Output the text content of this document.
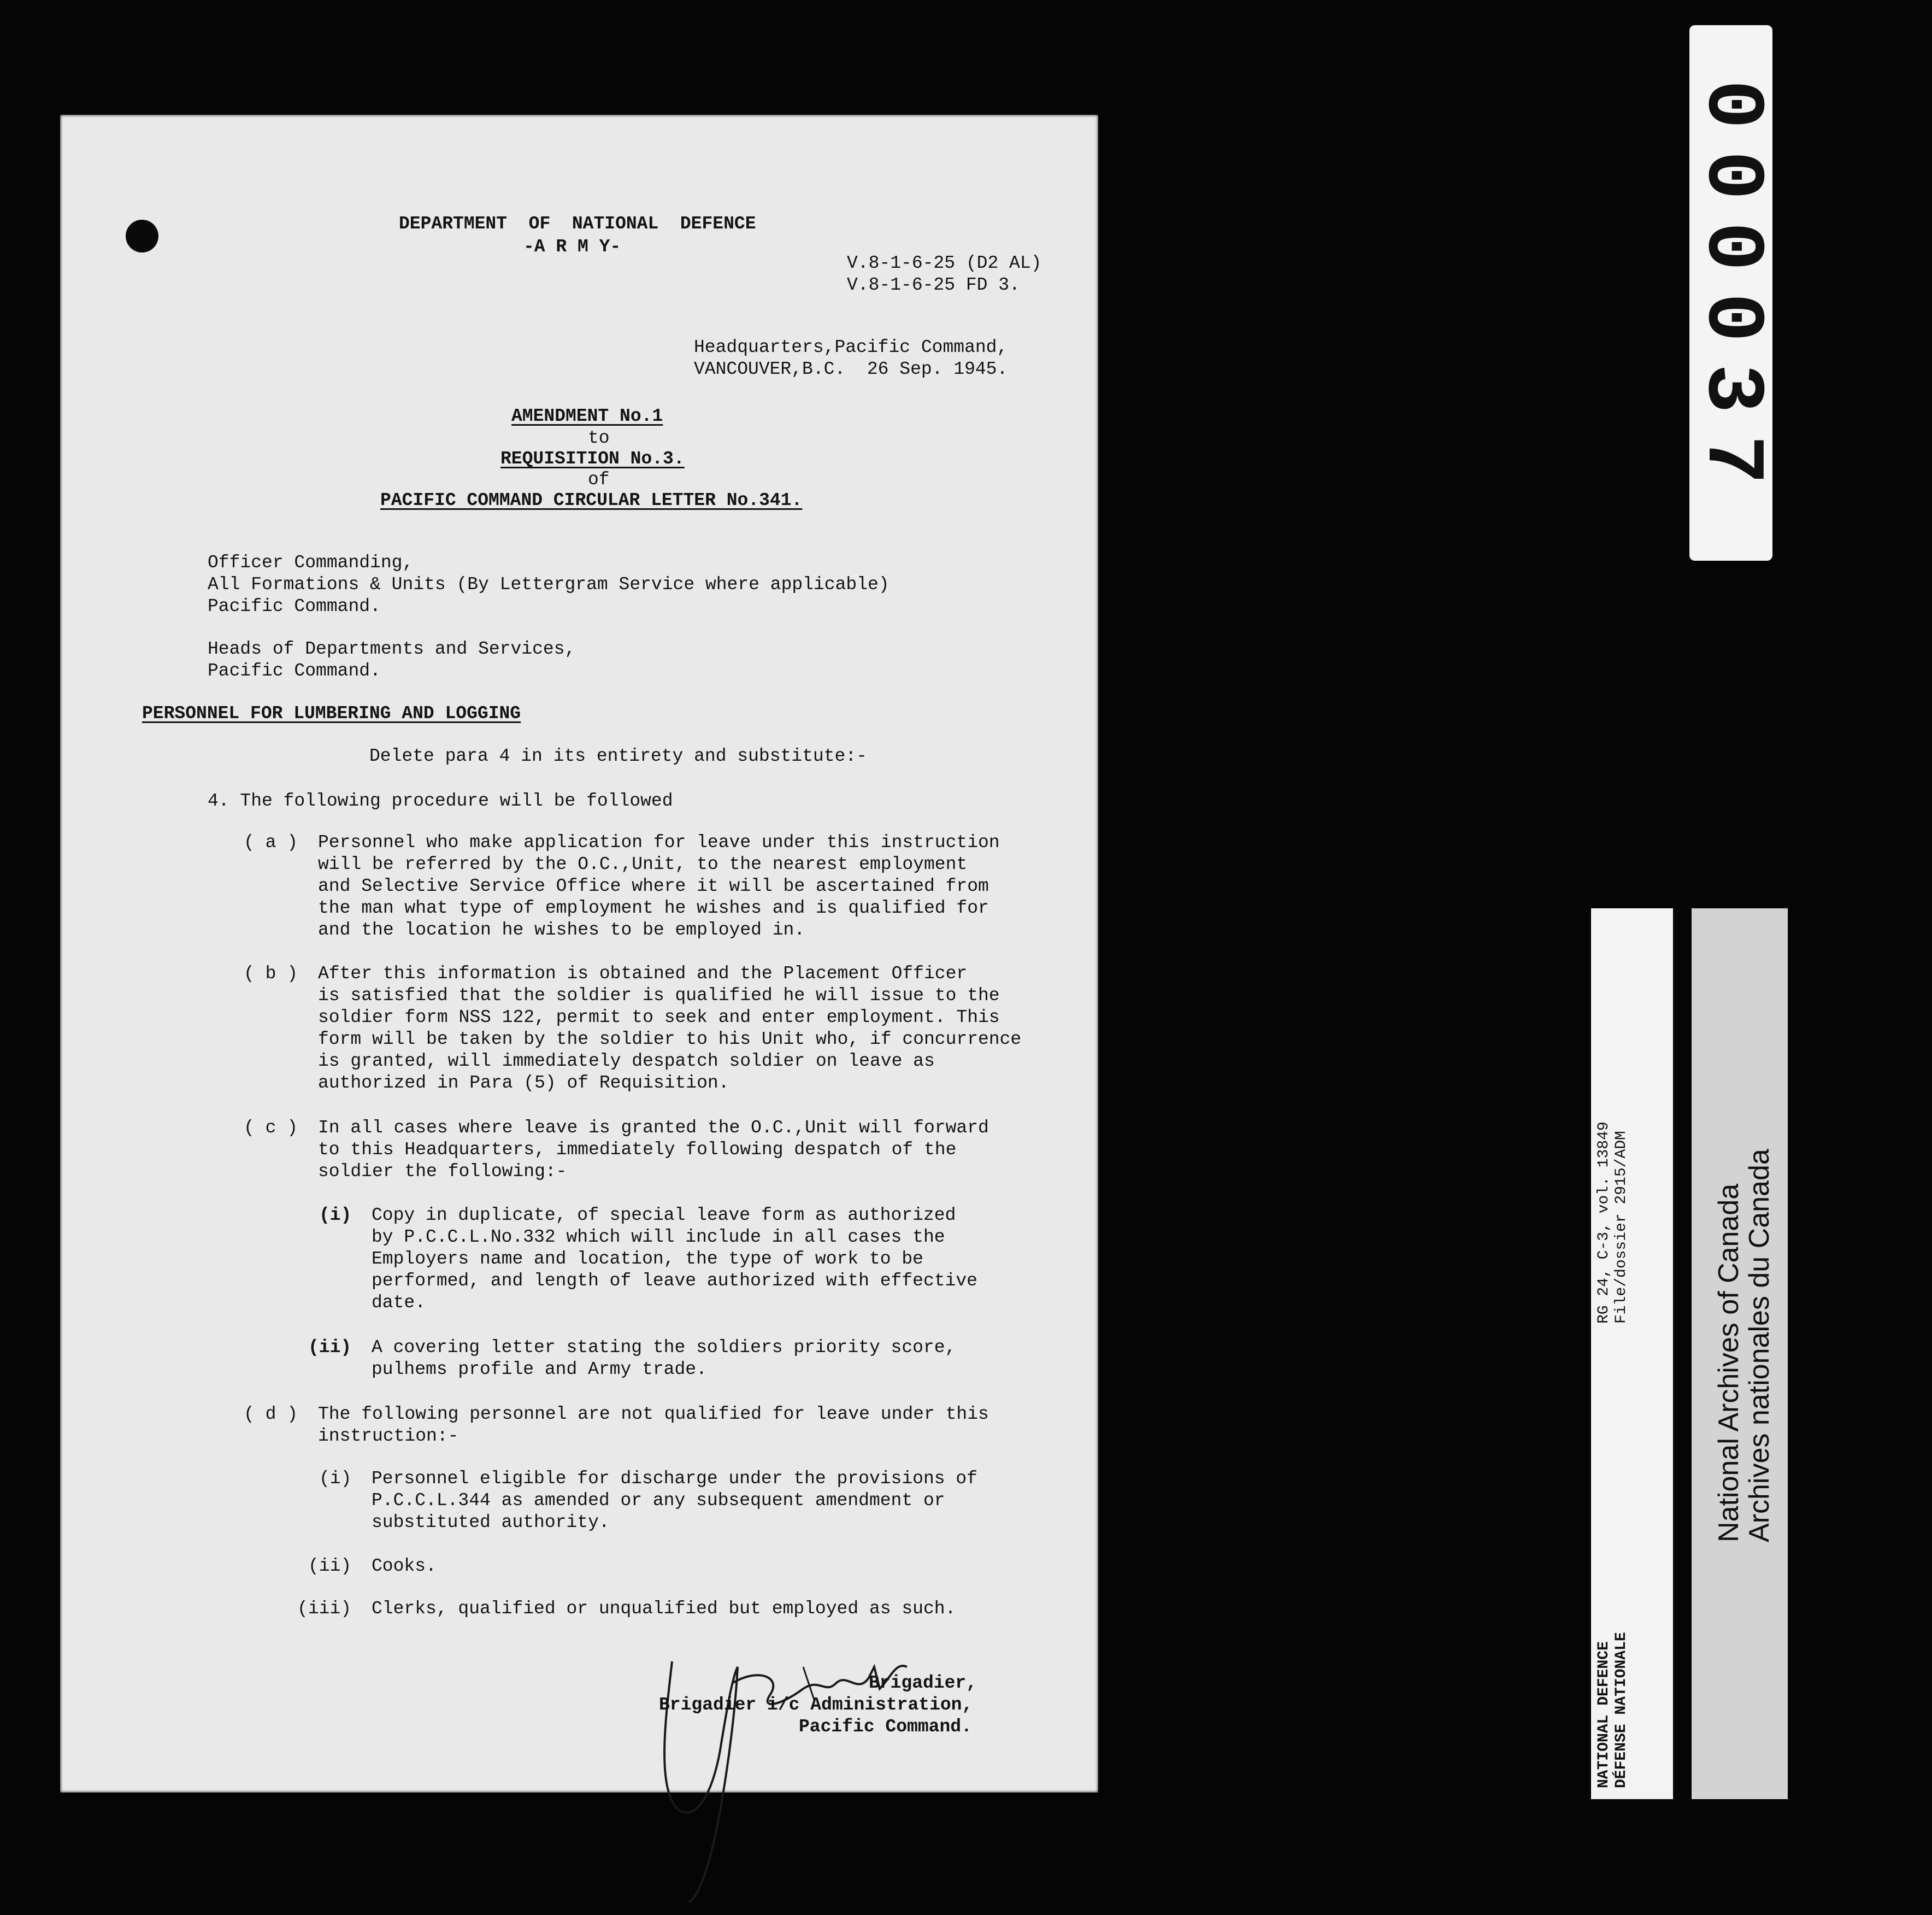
DEPARTMENT  OF  NATIONAL  DEFENCE
-A R M Y-
V.8-1-6-25 (D2 AL)
V.8-1-6-25 FD 3.
Headquarters,Pacific Command,
VANCOUVER,B.C.  26 Sep. 1945.
AMENDMENT No.1
to
REQUISITION No.3.
of
PACIFIC COMMAND CIRCULAR LETTER No.341.
Officer Commanding,
All Formations & Units (By Lettergram Service where applicable)
Pacific Command.
Heads of Departments and Services,
Pacific Command.
PERSONNEL FOR LUMBERING AND LOGGING
Delete para 4 in its entirety and substitute:-
4. The following procedure will be followed
( a ) Personnel who make application for leave under this instruction
will be referred by the O.C.,Unit, to the nearest employment
and Selective Service Office where it will be ascertained from
the man what type of employment he wishes and is qualified for
and the location he wishes to be employed in.
( b ) After this information is obtained and the Placement Officer
is satisfied that the soldier is qualified he will issue to the
soldier form NSS 122, permit to seek and enter employment. This
form will be taken by the soldier to his Unit who, if concurrence
is granted, will immediately despatch soldier on leave as
authorized in Para (5) of Requisition.
( c ) In all cases where leave is granted the O.C.,Unit will forward
to this Headquarters, immediately following despatch of the
soldier the following:-
(i) Copy in duplicate, of special leave form as authorized
by P.C.C.L.No.332 which will include in all cases the
Employers name and location, the type of work to be
performed, and length of leave authorized with effective
date.
(ii) A covering letter stating the soldiers priority score,
pulhems profile and Army trade.
( d ) The following personnel are not qualified for leave under this
instruction:-
(i) Personnel eligible for discharge under the provisions of
P.C.C.L.344 as amended or any subsequent amendment or
substituted authority.
(ii) Cooks.
(iii) Clerks, qualified or unqualified but employed as such.
Brigadier,
Brigadier i/c Administration,
Pacific Command.
000037
RG 24, C-3, vol. 13849 File/dossier 2915/ADM
NATIONAL DEFENCE DÉFENSE NATIONALE
National Archives of Canada
Archives nationales du Canada
